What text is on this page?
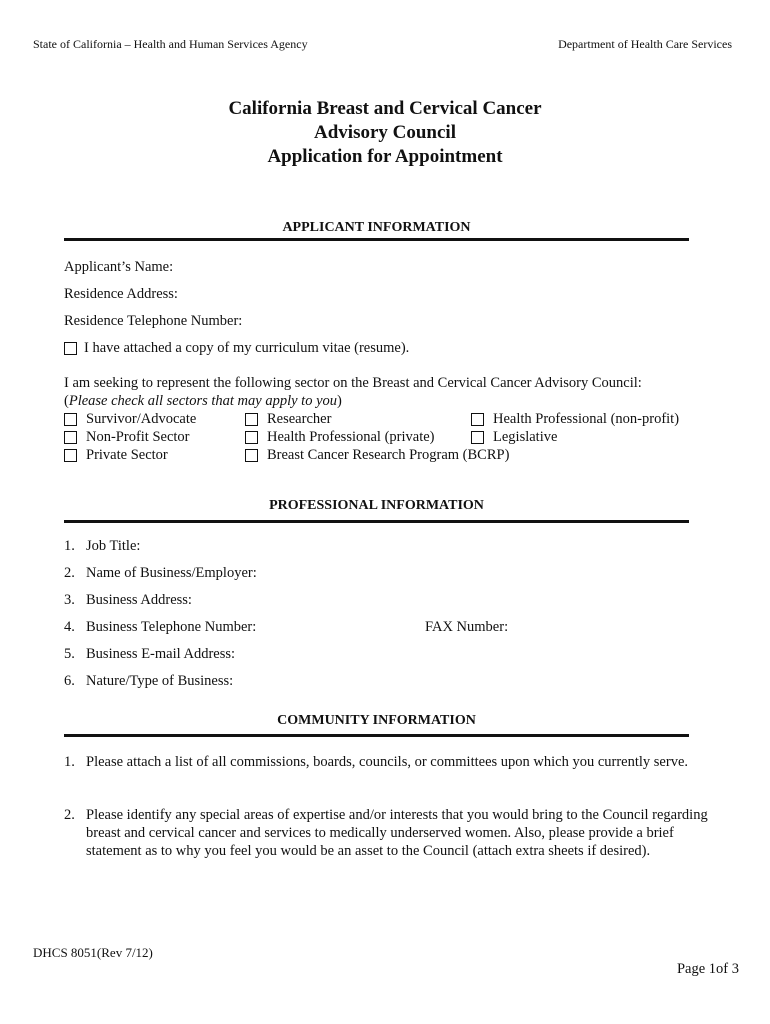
State of California – Health and Human Services Agency	Department of Health Care Services
California Breast and Cervical Cancer
Advisory Council
Application for Appointment
APPLICANT INFORMATION
Applicant’s Name:
Residence Address:
Residence Telephone Number:
I have attached a copy of my curriculum vitae (resume).
I am seeking to represent the following sector on the Breast and Cervical Cancer Advisory Council:
(Please check all sectors that may apply to you)
Survivor/Advocate
Non-Profit Sector
Private Sector
Researcher
Health Professional (private)
Breast Cancer Research Program (BCRP)
Health Professional (non-profit)
Legislative
PROFESSIONAL INFORMATION
1. Job Title:
2. Name of Business/Employer:
3. Business Address:
4. Business Telephone Number:	FAX Number:
5. Business E-mail Address:
6. Nature/Type of Business:
COMMUNITY INFORMATION
1. Please attach a list of all commissions, boards, councils, or committees upon which you currently serve.
2. Please identify any special areas of expertise and/or interests that you would bring to the Council regarding breast and cervical cancer and services to medically underserved women. Also, please provide a brief statement as to why you feel you would be an asset to the Council (attach extra sheets if desired).
DHCS 8051(Rev 7/12)
Page 1of 3
